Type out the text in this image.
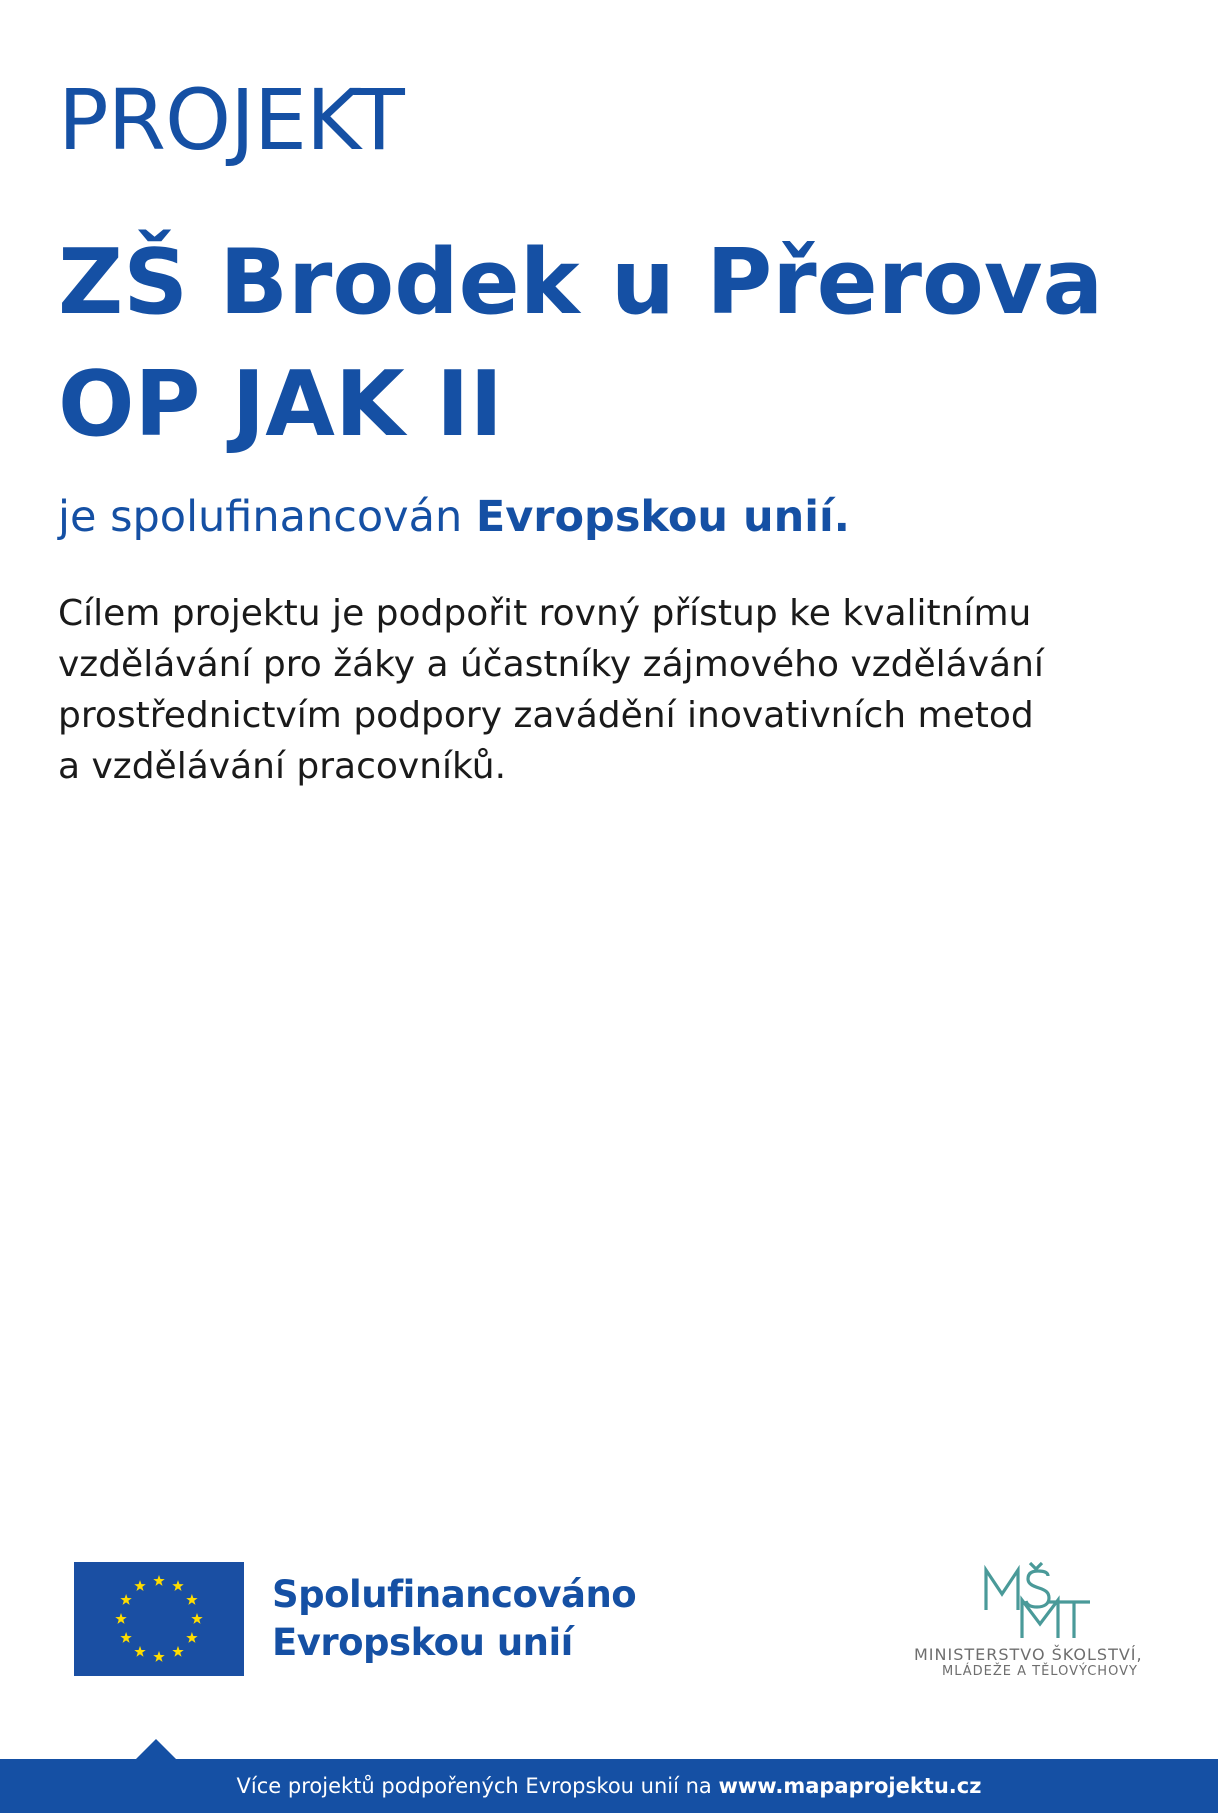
PROJEKT
ZŠ Brodek u Přerova
OP JAK II

je spolufinancován Evropskou unií.

Cílem projektu je podpořit rovný přístup ke kvalitnímu
vzdělávání pro žáky a účastníky zájmového vzdělávání
prostřednictvím podpory zavádění inovativních metod
a vzdělávání pracovníků.

Spolufinancováno
Evropskou unií	MINISTERSTVO ŠKOLSTVÍ,
MLÁDEŽE A TĚLOVÝCHOVY
Více projektů podpořených Evropskou unií na www.mapaprojektu.cz
